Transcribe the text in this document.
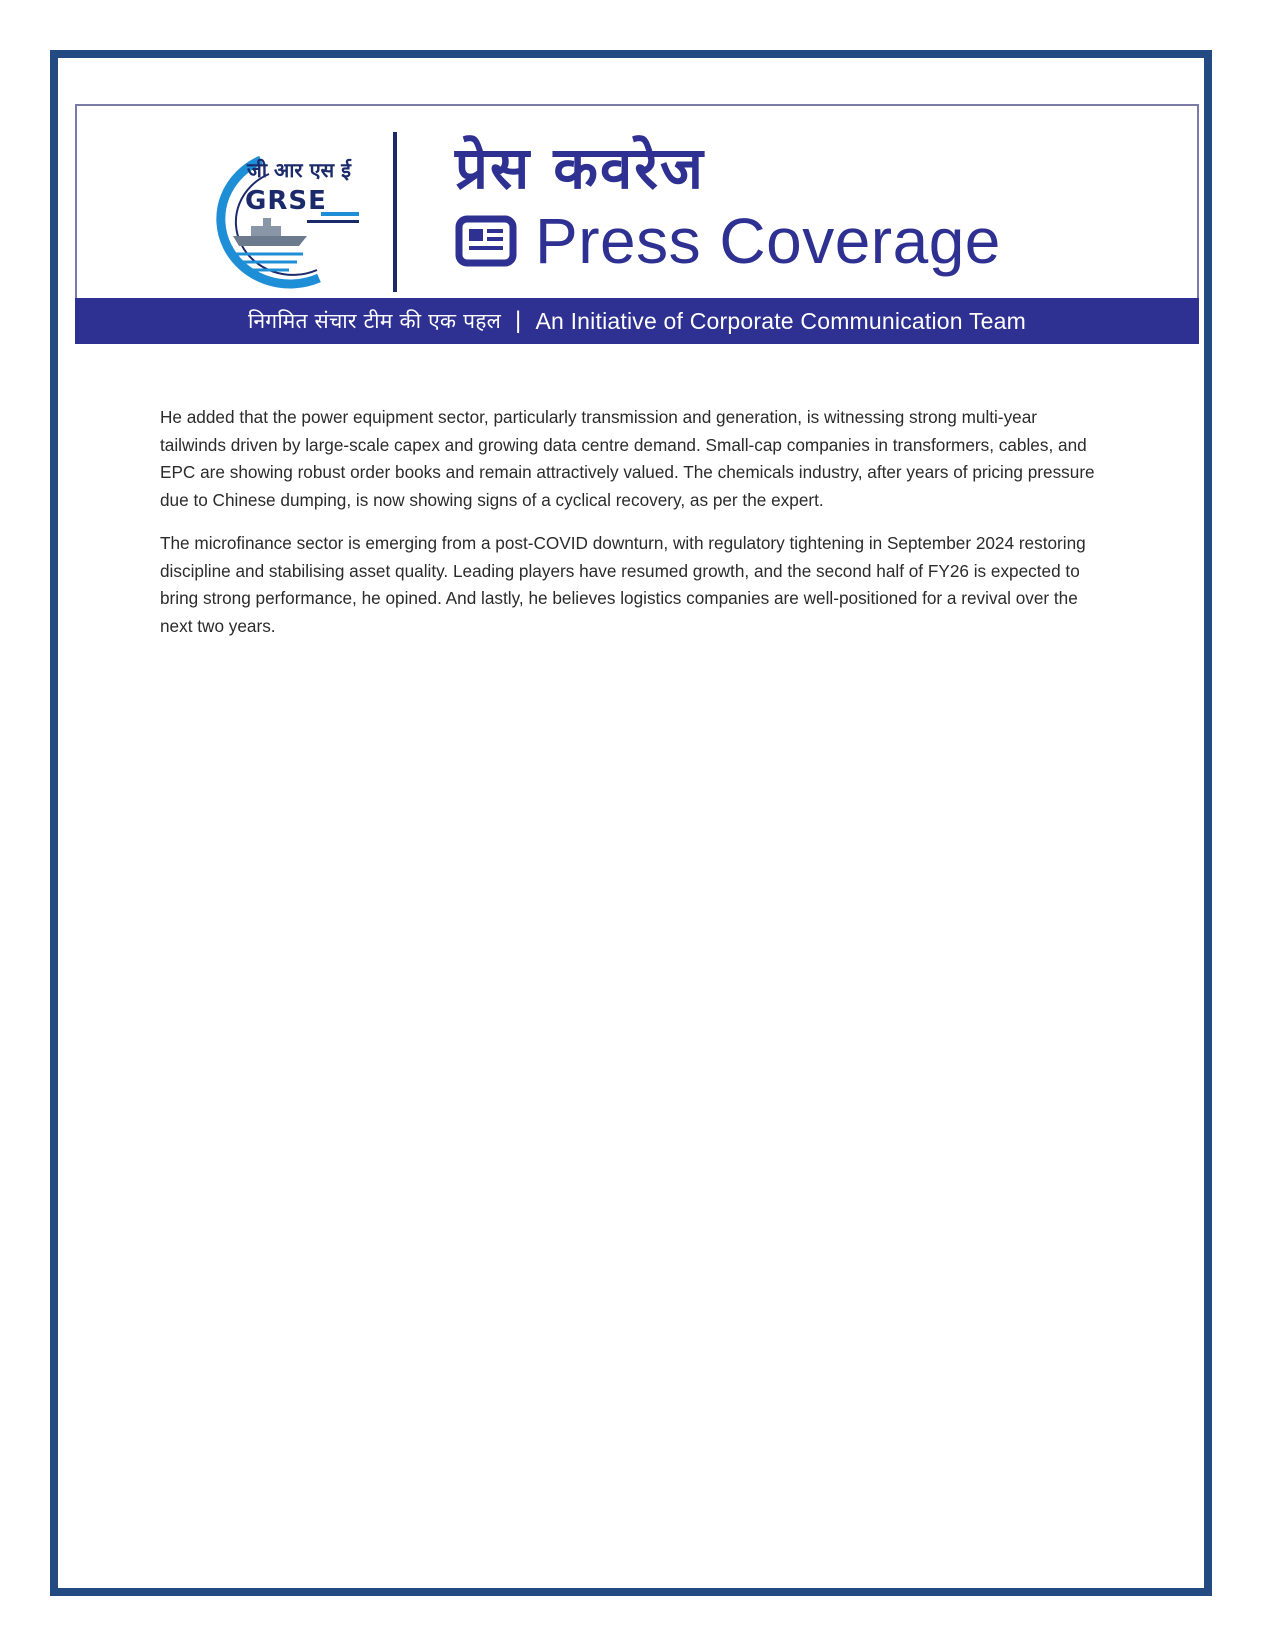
जी आर एस ई
GRSE प्रेस कवरेज
Press Coverage
निगमित संचार टीम की एक पहल | An Initiative of Corporate Communication Team

He added that the power equipment sector, particularly transmission and generation, is witnessing strong multi-year tailwinds driven by large-scale capex and growing data centre demand. Small-cap companies in transformers, cables, and EPC are showing robust order books and remain attractively valued. The chemicals industry, after years of pricing pressure due to Chinese dumping, is now showing signs of a cyclical recovery, as per the expert.

The microfinance sector is emerging from a post-COVID downturn, with regulatory tightening in September 2024 restoring discipline and stabilising asset quality. Leading players have resumed growth, and the second half of FY26 is expected to bring strong performance, he opined. And lastly, he believes logistics companies are well-positioned for a revival over the next two years.
